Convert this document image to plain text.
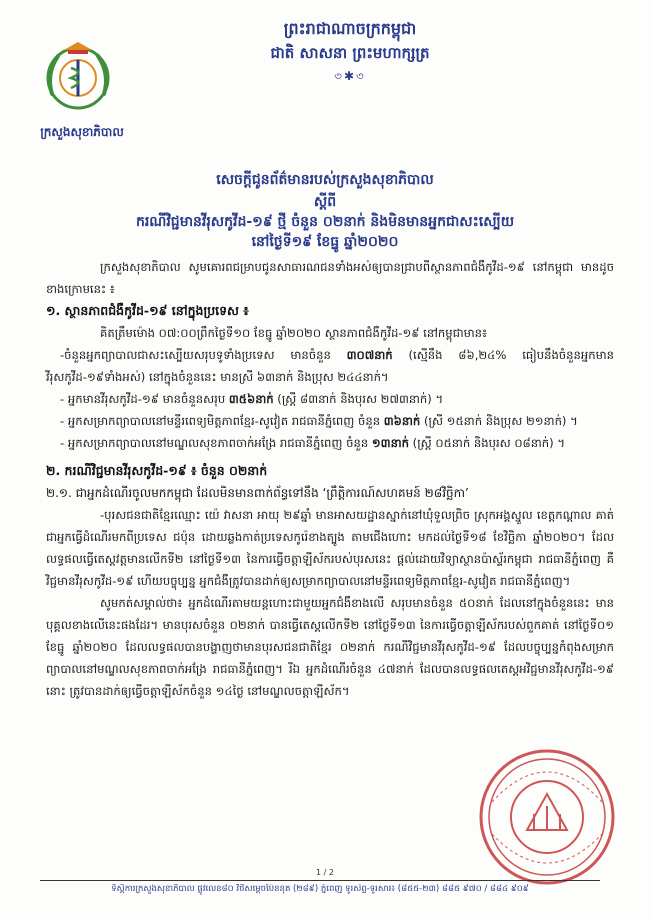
ក្រសួងសុខាភិបាល
ព្រះរាជាណាចក្រកម្ពុជា
ជាតិ សាសនា ព្រះមហាក្សត្រ
৩✱৩
សេចក្ដីជូនព័ត៌មានរបស់ក្រសួងសុខាភិបាល
ស្ដីពី
ករណីវិជ្ជមានវីរុសកូវីដ-១៩ ថ្មី ចំនួន ០២នាក់ និងមិនមានអ្នកជាសះស្បើយ
នៅថ្ងៃទី១៩ ខែធ្នូ ឆ្នាំ២០២០

ក្រសួងសុខាភិបាល សូមគោរពជម្រាបជូនសាធារណជនទាំងអស់ឲ្យបានជ្រាបពីស្ថានភាពជំងឺកូវីដ-១៩ នៅកម្ពុជា មានដូចខាងក្រោមនេះ ៖

១. ស្ថានភាពជំងឺកូវីដ-១៩ នៅក្នុងប្រទេស ៖

គិតត្រឹមម៉ោង ០៧:០០ព្រឹកថ្ងៃទី១០ ខែធ្នូ ឆ្នាំ២០២០ ស្ថានភាពជំងឺកូវីដ-១៩ នៅកម្ពុជាមាន៖

-ចំនួនអ្នកព្យាបាលជាសះស្បើយសរុបទូទាំងប្រទេស មានចំនួន ៣០៧នាក់ (ស្មើនឹង ៨៦,២៤% ធៀបនឹងចំនួនអ្នកមានវីរុសកូវីដ-១៩ទាំងអស់) នៅក្នុងចំនួននេះ មានស្រី ៦៣នាក់ និងប្រុស ២៤៤នាក់។

- អ្នកមានវីរុសកូវីដ-១៩ មានចំនួនសរុប ៣៥៦នាក់ (ស្ត្រី ៨៣នាក់ និងបុរស ២៧៣នាក់) ។

- អ្នកសម្រាកព្យាបាលនៅមន្ទីរពេទ្យមិត្តភាពខ្មែរ-សូវៀត រាជធានីភ្នំពេញ ចំនួន ៣៦នាក់ (ស្រី ១៥នាក់ និងប្រុស ២១នាក់) ។

- អ្នកសម្រាកព្យាបាលនៅមណ្ឌលសុខភាពចាក់អង្រែ រាជធានីភ្នំពេញ ចំនួន ១៣នាក់ (ស្ត្រី ០៥នាក់ និងបុរស ០៨នាក់) ។

២. ករណីវិជ្ជមានវីរុសកូវីដ-១៩ ៖ ចំនួន ០២នាក់

២.១. ជាអ្នកដំណើរចូលមកកម្ពុជា ដែលមិនមានពាក់ព័ន្ធទៅនឹង ‘ព្រឹត្តិការណ៍សហគមន៍ ២៨វិច្ឆិកា’

-បុរសជនជាតិខ្មែរឈ្មោះ យ៉េ វាសនា អាយុ ២៩ឆ្នាំ មានអាសយដ្ឋានស្នាក់នៅឃុំទួលព្រិច ស្រុកអង្គស្នួល ខេត្តកណ្ដាល គាត់ជាអ្នកធ្វើដំណើរមកពីប្រទេស ជប៉ុន ដោយឆ្លងកាត់ប្រទេសកូរ៉េខាងត្បូង តាមជើងហោះ មកដល់ថ្ងៃទី១៨ ខែវិច្ឆិកា ឆ្នាំ២០២០។ ដែលលទ្ធផលធ្វើតេស្តវត្តមានលើកទី២ នៅថ្ងៃទី១៣ នៃការធ្វើចត្តាឡីស័ករបស់បុរសនេះ ផ្ដល់ដោយវិទ្យាស្ថានប៉ាស្ទ័រកម្ពុជា រាជធានីភ្នំពេញ គឺ វិជ្ជមានវីរុសកូវីដ-១៩ ហើយបច្ចុប្បន្ន អ្នកជំងឺត្រូវបានដាក់ឲ្យសម្រាកព្យាបាលនៅមន្ទីរពេទ្យមិត្តភាពខ្មែរ-សូវៀត រាជធានីភ្នំពេញ។

សូមកត់សម្គាល់ថា៖ អ្នកដំណើរតាមយន្តហោះជាមួយអ្នកជំងឺខាងលើ សរុបមានចំនួន ៥០នាក់ ដែលនៅក្នុងចំនួននេះ មានបុគ្គលខាងលើនេះផងដែរ។ មានបុរសចំនួន ០២នាក់ បានធ្វើតេស្តលើកទី២ នៅថ្ងៃទី១៣ នៃការធ្វើចត្តាឡីស័ករបស់ពួកគាត់ នៅថ្ងៃទី០១ ខែធ្នូ ឆ្នាំ២០២០ ដែលលទ្ធផលបានបង្ហាញថាមានបុរសជនជាតិខ្មែរ ០២នាក់ ករណីវិជ្ជមានវីរុសកូវីដ-១៩ ដែលបច្ចុប្បន្នកំពុងសម្រាកព្យាបាលនៅមណ្ឌលសុខភាពចាក់អង្រែ រាជធានីភ្នំពេញ។ រីឯ អ្នកដំណើរចំនួន ៤៧នាក់ ដែលបានលទ្ធផលតេស្តអវិជ្ជមានវីរុសកូវីដ-១៩ នោះ ត្រូវបានដាក់ឲ្យធ្វើចត្តាឡីស័កចំនួន ១៤ថ្ងៃ នៅមណ្ឌលចត្តាឡីស័ក។

1 / 2
ទីស្ដីការក្រសួងសុខាភិបាល ផ្លូវលេខ៨០ វិថីសម្ដេចប៉ែននុត (២៨៩) ភ្នំពេញ ទូរស័ព្ទ-ទូរសារ៖ (៨៥៥-២៣) ៨៨៥ ៩៧០ / ៨៨៤ ៩០៩
